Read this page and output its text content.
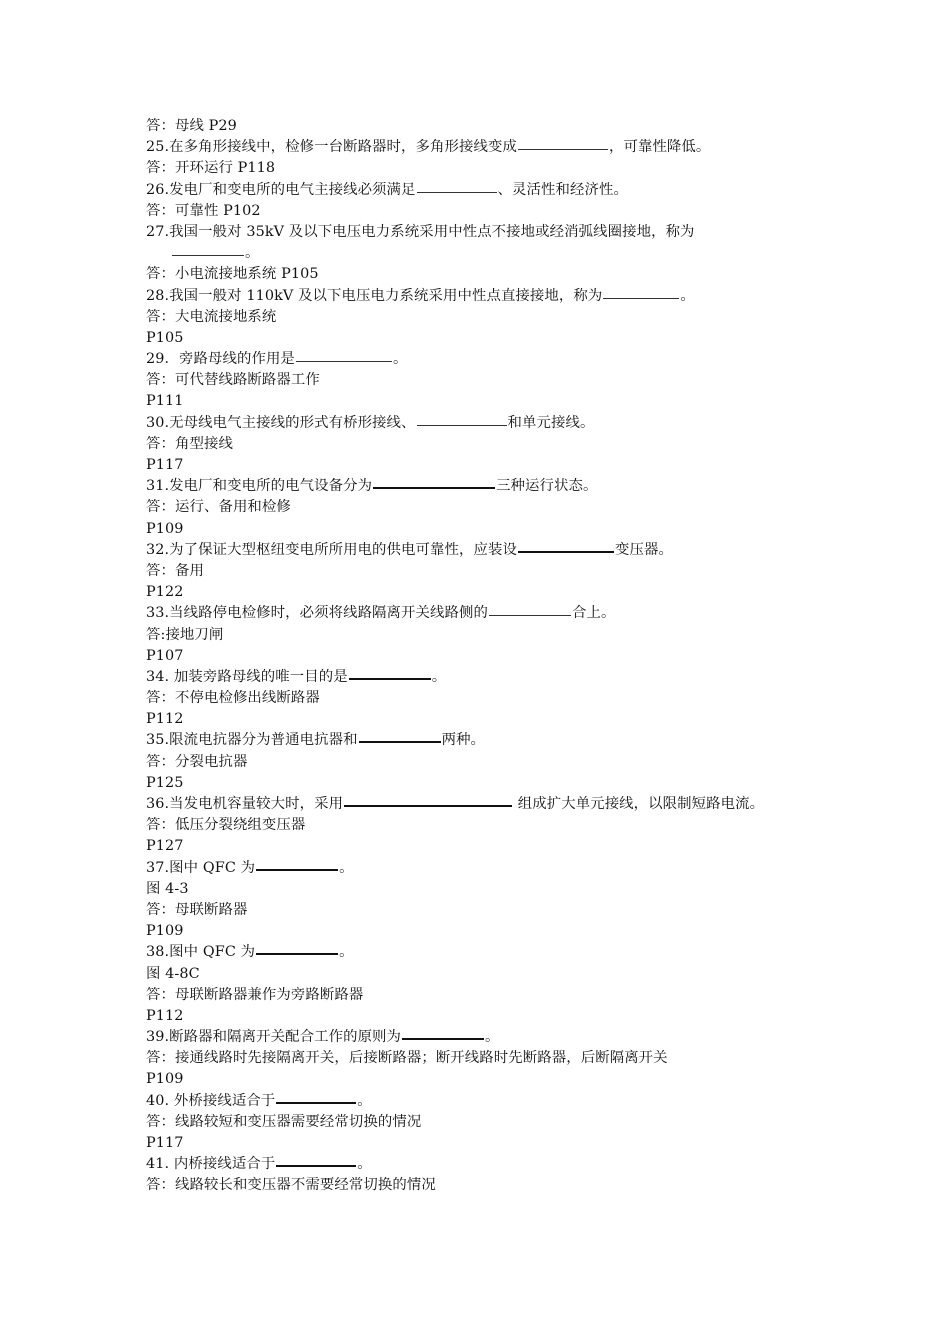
答：母线 P29
25.在多角形接线中，检修一台断路器时，多角形接线变成	，可靠性降低。
答：开环运行 P118
26.发电厂和变电所的电气主接线必须满足	、灵活性和经济性。
答：可靠性 P102
27.我国一般对 35kV 及以下电压电力系统采用中性点不接地或经消弧线圈接地，称为
。
答：小电流接地系统 P105
28.我国一般对 110kV 及以下电压电力系统采用中性点直接接地，称为	。
答：大电流接地系统
P105
29．旁路母线的作用是	。
答：可代替线路断路器工作
P111
30.无母线电气主接线的形式有桥形接线、	和单元接线。
答：角型接线
P117
31.发电厂和变电所的电气设备分为	三种运行状态。
答：运行、备用和检修
P109
32.为了保证大型枢纽变电所所用电的供电可靠性，应装设	变压器。
答：备用
P122
33.当线路停电检修时，必须将线路隔离开关线路侧的	合上。
答:接地刀闸
P107
34. 加装旁路母线的唯一目的是	。
答：不停电检修出线断路器
P112
35.限流电抗器分为普通电抗器和	两种。
答：分裂电抗器
P125
36.当发电机容量较大时，采用	组成扩大单元接线，以限制短路电流。
答：低压分裂绕组变压器
P127
37.图中 QFC 为	。
图 4-3
答：母联断路器
P109
38.图中 QFC 为	。
图 4-8C
答：母联断路器兼作为旁路断路器
P112
39.断路器和隔离开关配合工作的原则为	。
答：接通线路时先接隔离开关，后接断路器；断开线路时先断路器，后断隔离开关
P109
40. 外桥接线适合于	。
答：线路较短和变压器需要经常切换的情况
P117
41. 内桥接线适合于	。
答：线路较长和变压器不需要经常切换的情况
